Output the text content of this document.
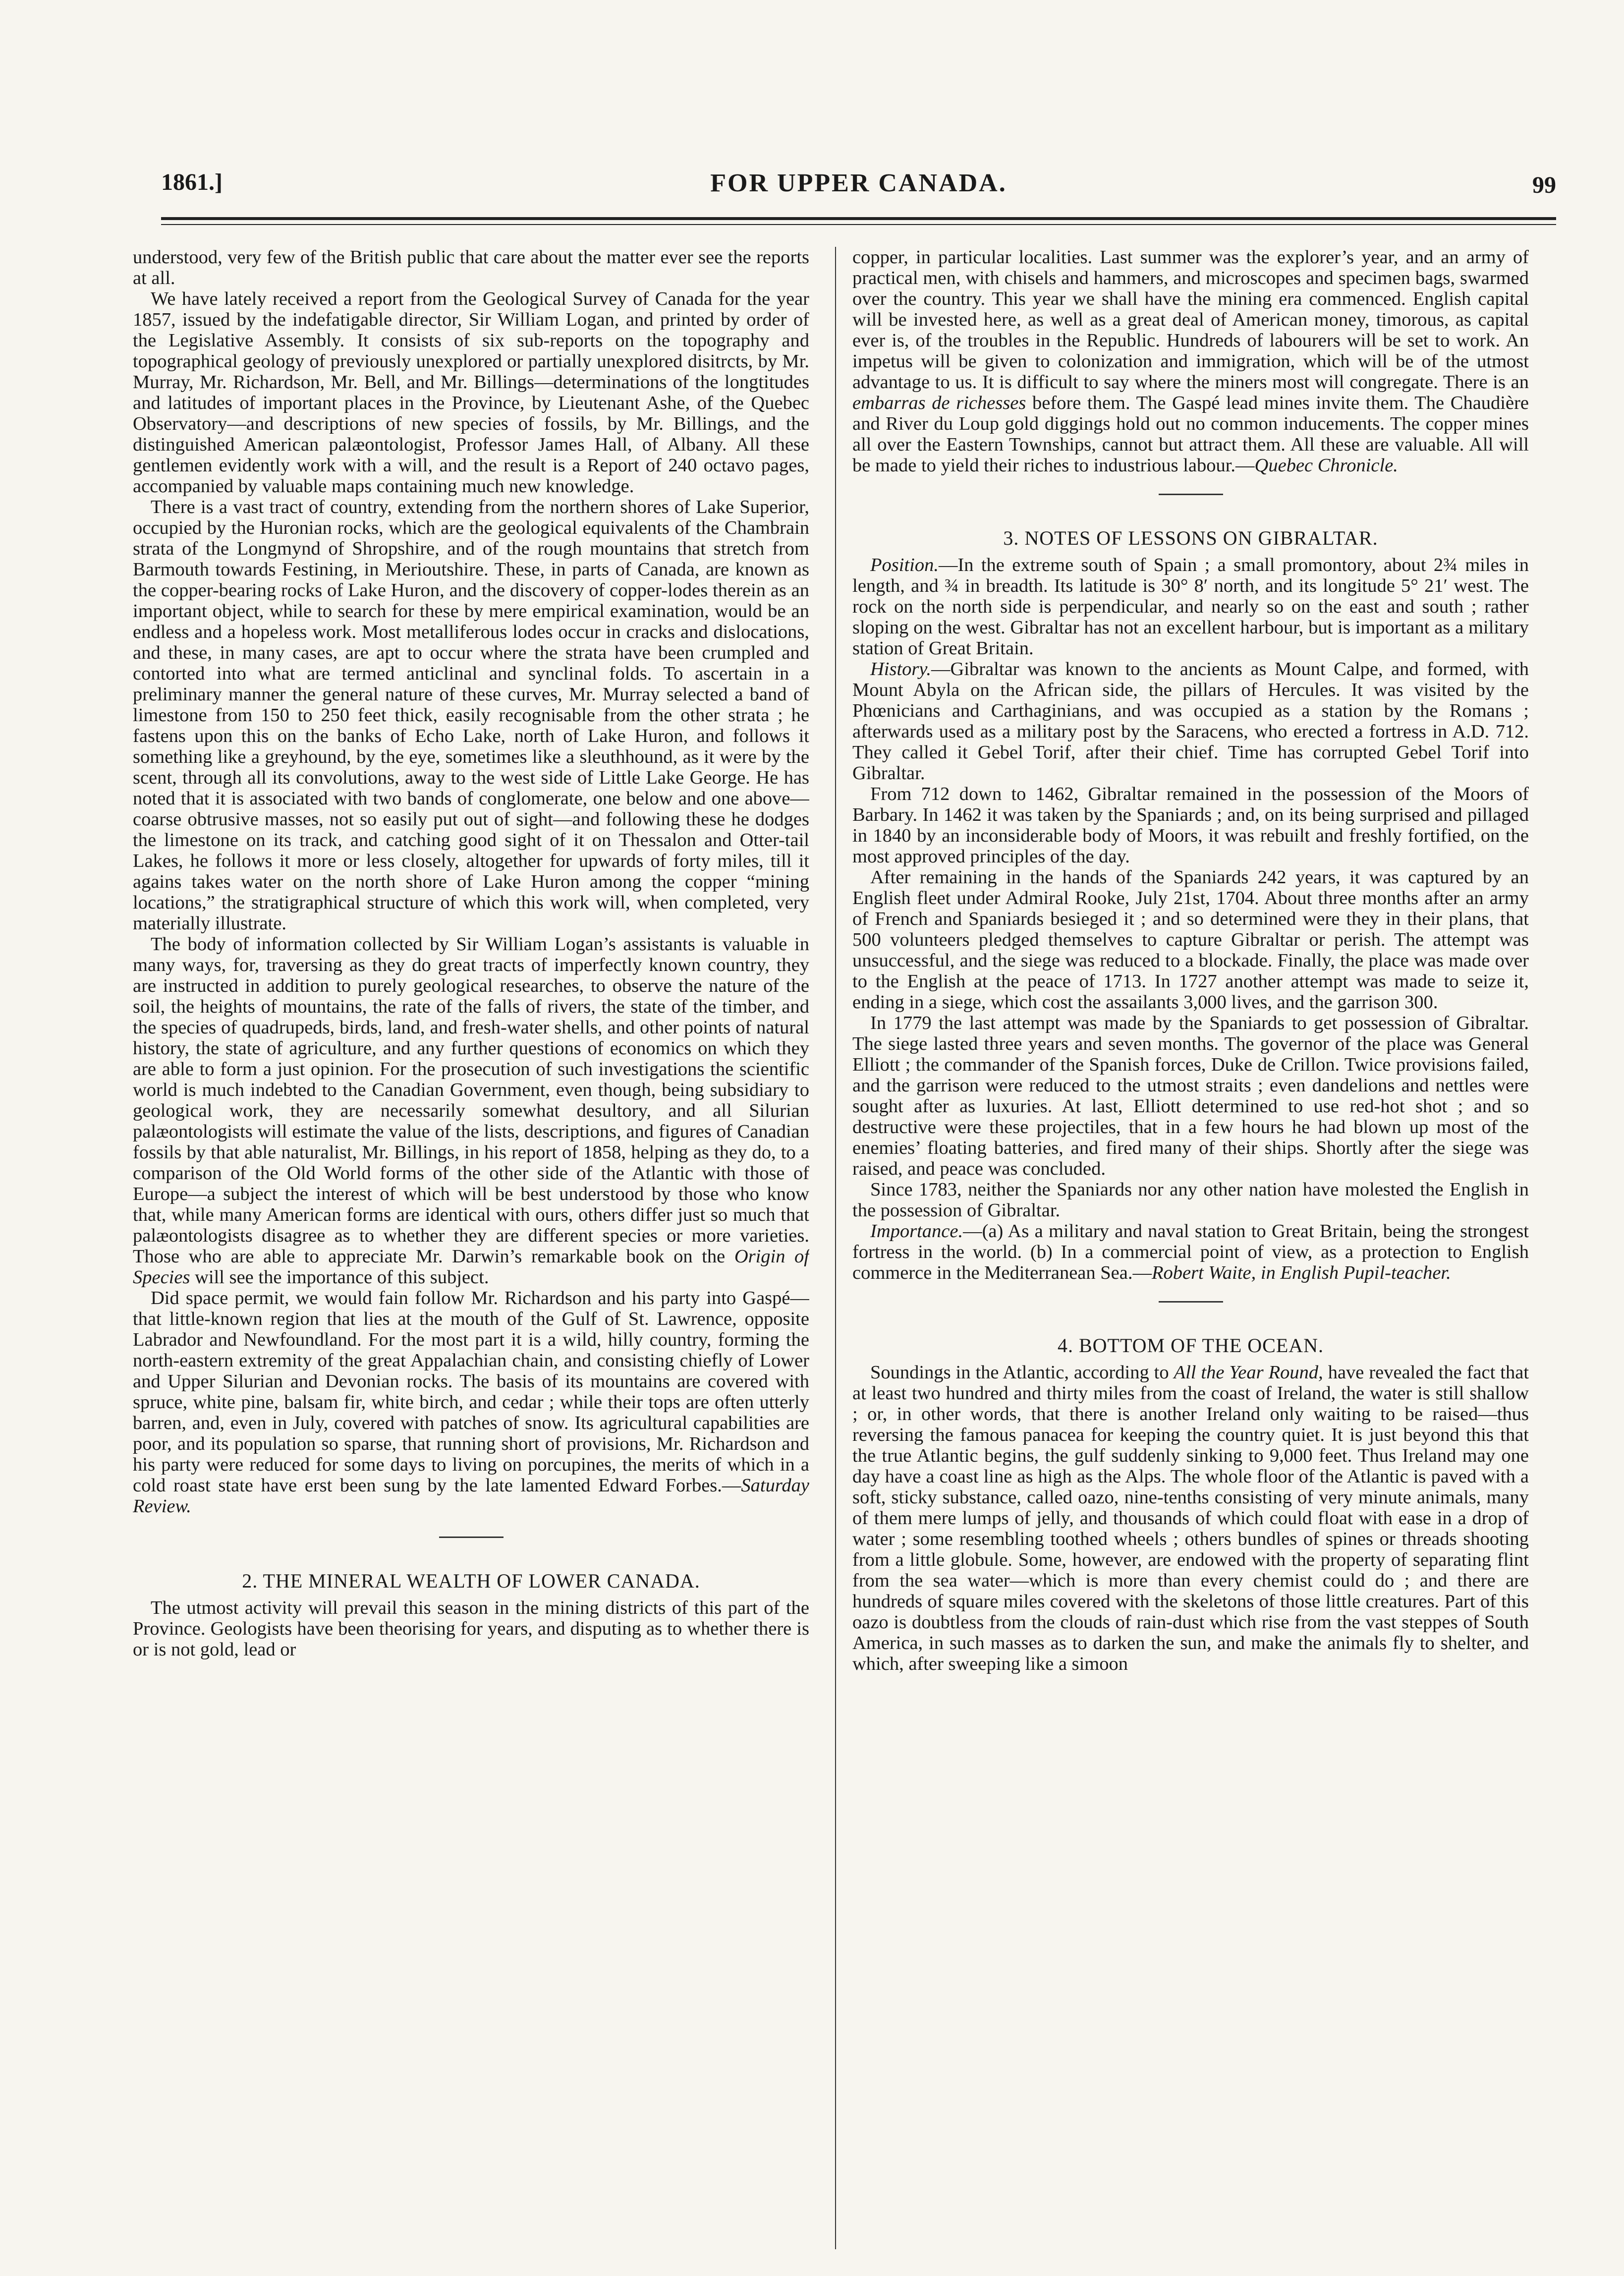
1861.]	FOR UPPER CANADA.	99

understood, very few of the British public that care about the matter ever see the reports at all.

We have lately received a report from the Geological Survey of Canada for the year 1857, issued by the indefatigable director, Sir William Logan, and printed by order of the Legislative Assembly. It consists of six sub-reports on the topography and topographical geology of previously unexplored or partially unexplored disitrcts, by Mr. Murray, Mr. Richardson, Mr. Bell, and Mr. Billings—determinations of the longtitudes and latitudes of important places in the Province, by Lieutenant Ashe, of the Quebec Observatory—and descriptions of new species of fossils, by Mr. Billings, and the distinguished American palæontologist, Professor James Hall, of Albany. All these gentlemen evidently work with a will, and the result is a Report of 240 octavo pages, accompanied by valuable maps containing much new knowledge.

There is a vast tract of country, extending from the northern shores of Lake Superior, occupied by the Huronian rocks, which are the geological equivalents of the Chambrain strata of the Longmynd of Shropshire, and of the rough mountains that stretch from Barmouth towards Festining, in Merioutshire. These, in parts of Canada, are known as the copper-bearing rocks of Lake Huron, and the discovery of copper-lodes therein as an important object, while to search for these by mere empirical examination, would be an endless and a hopeless work. Most metalliferous lodes occur in cracks and dislocations, and these, in many cases, are apt to occur where the strata have been crumpled and contorted into what are termed anticlinal and synclinal folds. To ascertain in a preliminary manner the general nature of these curves, Mr. Murray selected a band of limestone from 150 to 250 feet thick, easily recognisable from the other strata ; he fastens upon this on the banks of Echo Lake, north of Lake Huron, and follows it something like a greyhound, by the eye, sometimes like a sleuthhound, as it were by the scent, through all its convolutions, away to the west side of Little Lake George. He has noted that it is associated with two bands of conglomerate, one below and one above—coarse obtrusive masses, not so easily put out of sight—and following these he dodges the limestone on its track, and catching good sight of it on Thessalon and Otter-tail Lakes, he follows it more or less closely, altogether for upwards of forty miles, till it agains takes water on the north shore of Lake Huron among the copper “mining locations,” the stratigraphical structure of which this work will, when completed, very materially illustrate.

The body of information collected by Sir William Logan’s assistants is valuable in many ways, for, traversing as they do great tracts of imperfectly known country, they are instructed in addition to purely geological researches, to observe the nature of the soil, the heights of mountains, the rate of the falls of rivers, the state of the timber, and the species of quadrupeds, birds, land, and fresh-water shells, and other points of natural history, the state of agriculture, and any further questions of economics on which they are able to form a just opinion. For the prosecution of such investigations the scientific world is much indebted to the Canadian Government, even though, being subsidiary to geological work, they are necessarily somewhat desultory, and all Silurian palæontologists will estimate the value of the lists, descriptions, and figures of Canadian fossils by that able naturalist, Mr. Billings, in his report of 1858, helping as they do, to a comparison of the Old World forms of the other side of the Atlantic with those of Europe—a subject the interest of which will be best understood by those who know that, while many American forms are identical with ours, others differ just so much that palæontologists disagree as to whether they are different species or more varieties. Those who are able to appreciate Mr. Darwin’s remarkable book on the Origin of Species will see the importance of this subject.

Did space permit, we would fain follow Mr. Richardson and his party into Gaspé—that little-known region that lies at the mouth of the Gulf of St. Lawrence, opposite Labrador and Newfoundland. For the most part it is a wild, hilly country, forming the north-eastern extremity of the great Appalachian chain, and consisting chiefly of Lower and Upper Silurian and Devonian rocks. The basis of its mountains are covered with spruce, white pine, balsam fir, white birch, and cedar ; while their tops are often utterly barren, and, even in July, covered with patches of snow. Its agricultural capabilities are poor, and its population so sparse, that running short of provisions, Mr. Richardson and his party were reduced for some days to living on porcupines, the merits of which in a cold roast state have erst been sung by the late lamented Edward Forbes.—Saturday Review.

2. THE MINERAL WEALTH OF LOWER CANADA.

The utmost activity will prevail this season in the mining districts of this part of the Province. Geologists have been theorising for years, and disputing as to whether there is or is not gold, lead or

copper, in particular localities. Last summer was the explorer’s year, and an army of practical men, with chisels and hammers, and microscopes and specimen bags, swarmed over the country. This year we shall have the mining era commenced. English capital will be invested here, as well as a great deal of American money, timorous, as capital ever is, of the troubles in the Republic. Hundreds of labourers will be set to work. An impetus will be given to colonization and immigration, which will be of the utmost advantage to us. It is difficult to say where the miners most will congregate. There is an embarras de richesses before them. The Gaspé lead mines invite them. The Chaudière and River du Loup gold diggings hold out no common inducements. The copper mines all over the Eastern Townships, cannot but attract them. All these are valuable. All will be made to yield their riches to industrious labour.—Quebec Chronicle.

3. NOTES OF LESSONS ON GIBRALTAR.

Position.—In the extreme south of Spain ; a small promontory, about 2¾ miles in length, and ¾ in breadth. Its latitude is 30° 8′ north, and its longitude 5° 21′ west. The rock on the north side is perpendicular, and nearly so on the east and south ; rather sloping on the west. Gibraltar has not an excellent harbour, but is important as a military station of Great Britain.

History.—Gibraltar was known to the ancients as Mount Calpe, and formed, with Mount Abyla on the African side, the pillars of Hercules. It was visited by the Phœnicians and Carthaginians, and was occupied as a station by the Romans ; afterwards used as a military post by the Saracens, who erected a fortress in A.D. 712. They called it Gebel Torif, after their chief. Time has corrupted Gebel Torif into Gibraltar.

From 712 down to 1462, Gibraltar remained in the possession of the Moors of Barbary. In 1462 it was taken by the Spaniards ; and, on its being surprised and pillaged in 1840 by an inconsiderable body of Moors, it was rebuilt and freshly fortified, on the most approved principles of the day.

After remaining in the hands of the Spaniards 242 years, it was captured by an English fleet under Admiral Rooke, July 21st, 1704. About three months after an army of French and Spaniards besieged it ; and so determined were they in their plans, that 500 volunteers pledged themselves to capture Gibraltar or perish. The attempt was unsuccessful, and the siege was reduced to a blockade. Finally, the place was made over to the English at the peace of 1713. In 1727 another attempt was made to seize it, ending in a siege, which cost the assailants 3,000 lives, and the garrison 300.

In 1779 the last attempt was made by the Spaniards to get possession of Gibraltar. The siege lasted three years and seven months. The governor of the place was General Elliott ; the commander of the Spanish forces, Duke de Crillon. Twice provisions failed, and the garrison were reduced to the utmost straits ; even dandelions and nettles were sought after as luxuries. At last, Elliott determined to use red-hot shot ; and so destructive were these projectiles, that in a few hours he had blown up most of the enemies’ floating batteries, and fired many of their ships. Shortly after the siege was raised, and peace was concluded.

Since 1783, neither the Spaniards nor any other nation have molested the English in the possession of Gibraltar.

Importance.—(a) As a military and naval station to Great Britain, being the strongest fortress in the world. (b) In a commercial point of view, as a protection to English commerce in the Mediterranean Sea.—Robert Waite, in English Pupil-teacher.

4. BOTTOM OF THE OCEAN.

Soundings in the Atlantic, according to All the Year Round, have revealed the fact that at least two hundred and thirty miles from the coast of Ireland, the water is still shallow ; or, in other words, that there is another Ireland only waiting to be raised—thus reversing the famous panacea for keeping the country quiet. It is just beyond this that the true Atlantic begins, the gulf suddenly sinking to 9,000 feet. Thus Ireland may one day have a coast line as high as the Alps. The whole floor of the Atlantic is paved with a soft, sticky substance, called oazo, nine-tenths consisting of very minute animals, many of them mere lumps of jelly, and thousands of which could float with ease in a drop of water ; some resembling toothed wheels ; others bundles of spines or threads shooting from a little globule. Some, however, are endowed with the property of separating flint from the sea water—which is more than every chemist could do ; and there are hundreds of square miles covered with the skeletons of those little creatures. Part of this oazo is doubtless from the clouds of rain-dust which rise from the vast steppes of South America, in such masses as to darken the sun, and make the animals fly to shelter, and which, after sweeping like a simoon
